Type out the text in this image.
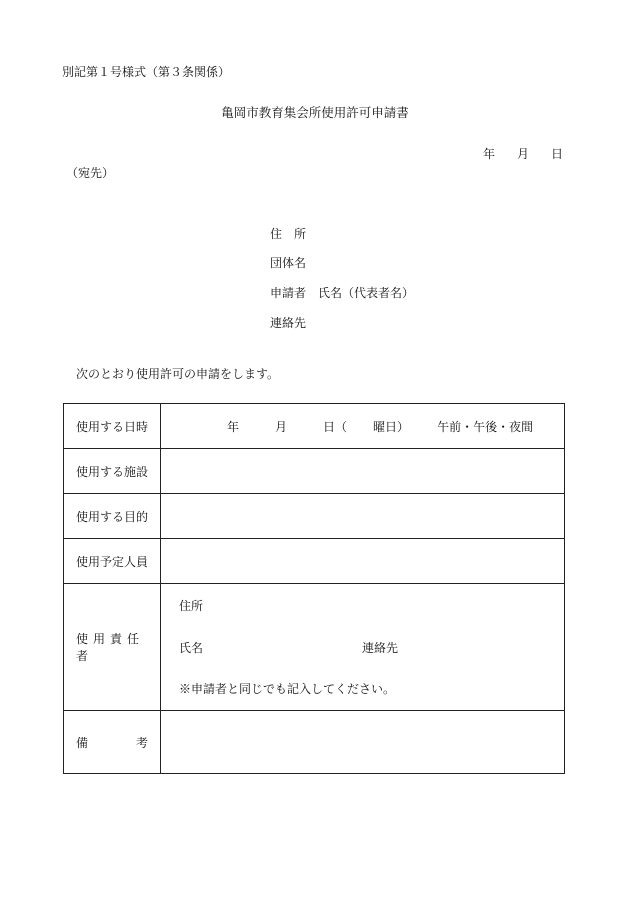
別記第１号様式（第３条関係）
亀岡市教育集会所使用許可申請書
年 月 日
（宛先）
住　所
団体名
申請者 氏名（代表者名）
連絡先
次のとおり使用許可の申請をします。
使用する日時	年 月 日（ 曜日） 午前・午後・夜間

使用する施設	
使用する目的	
使用予定人員	
使用責任者	住所
氏名 連絡先
※申請者と同じでも記入してください。

備 考	
